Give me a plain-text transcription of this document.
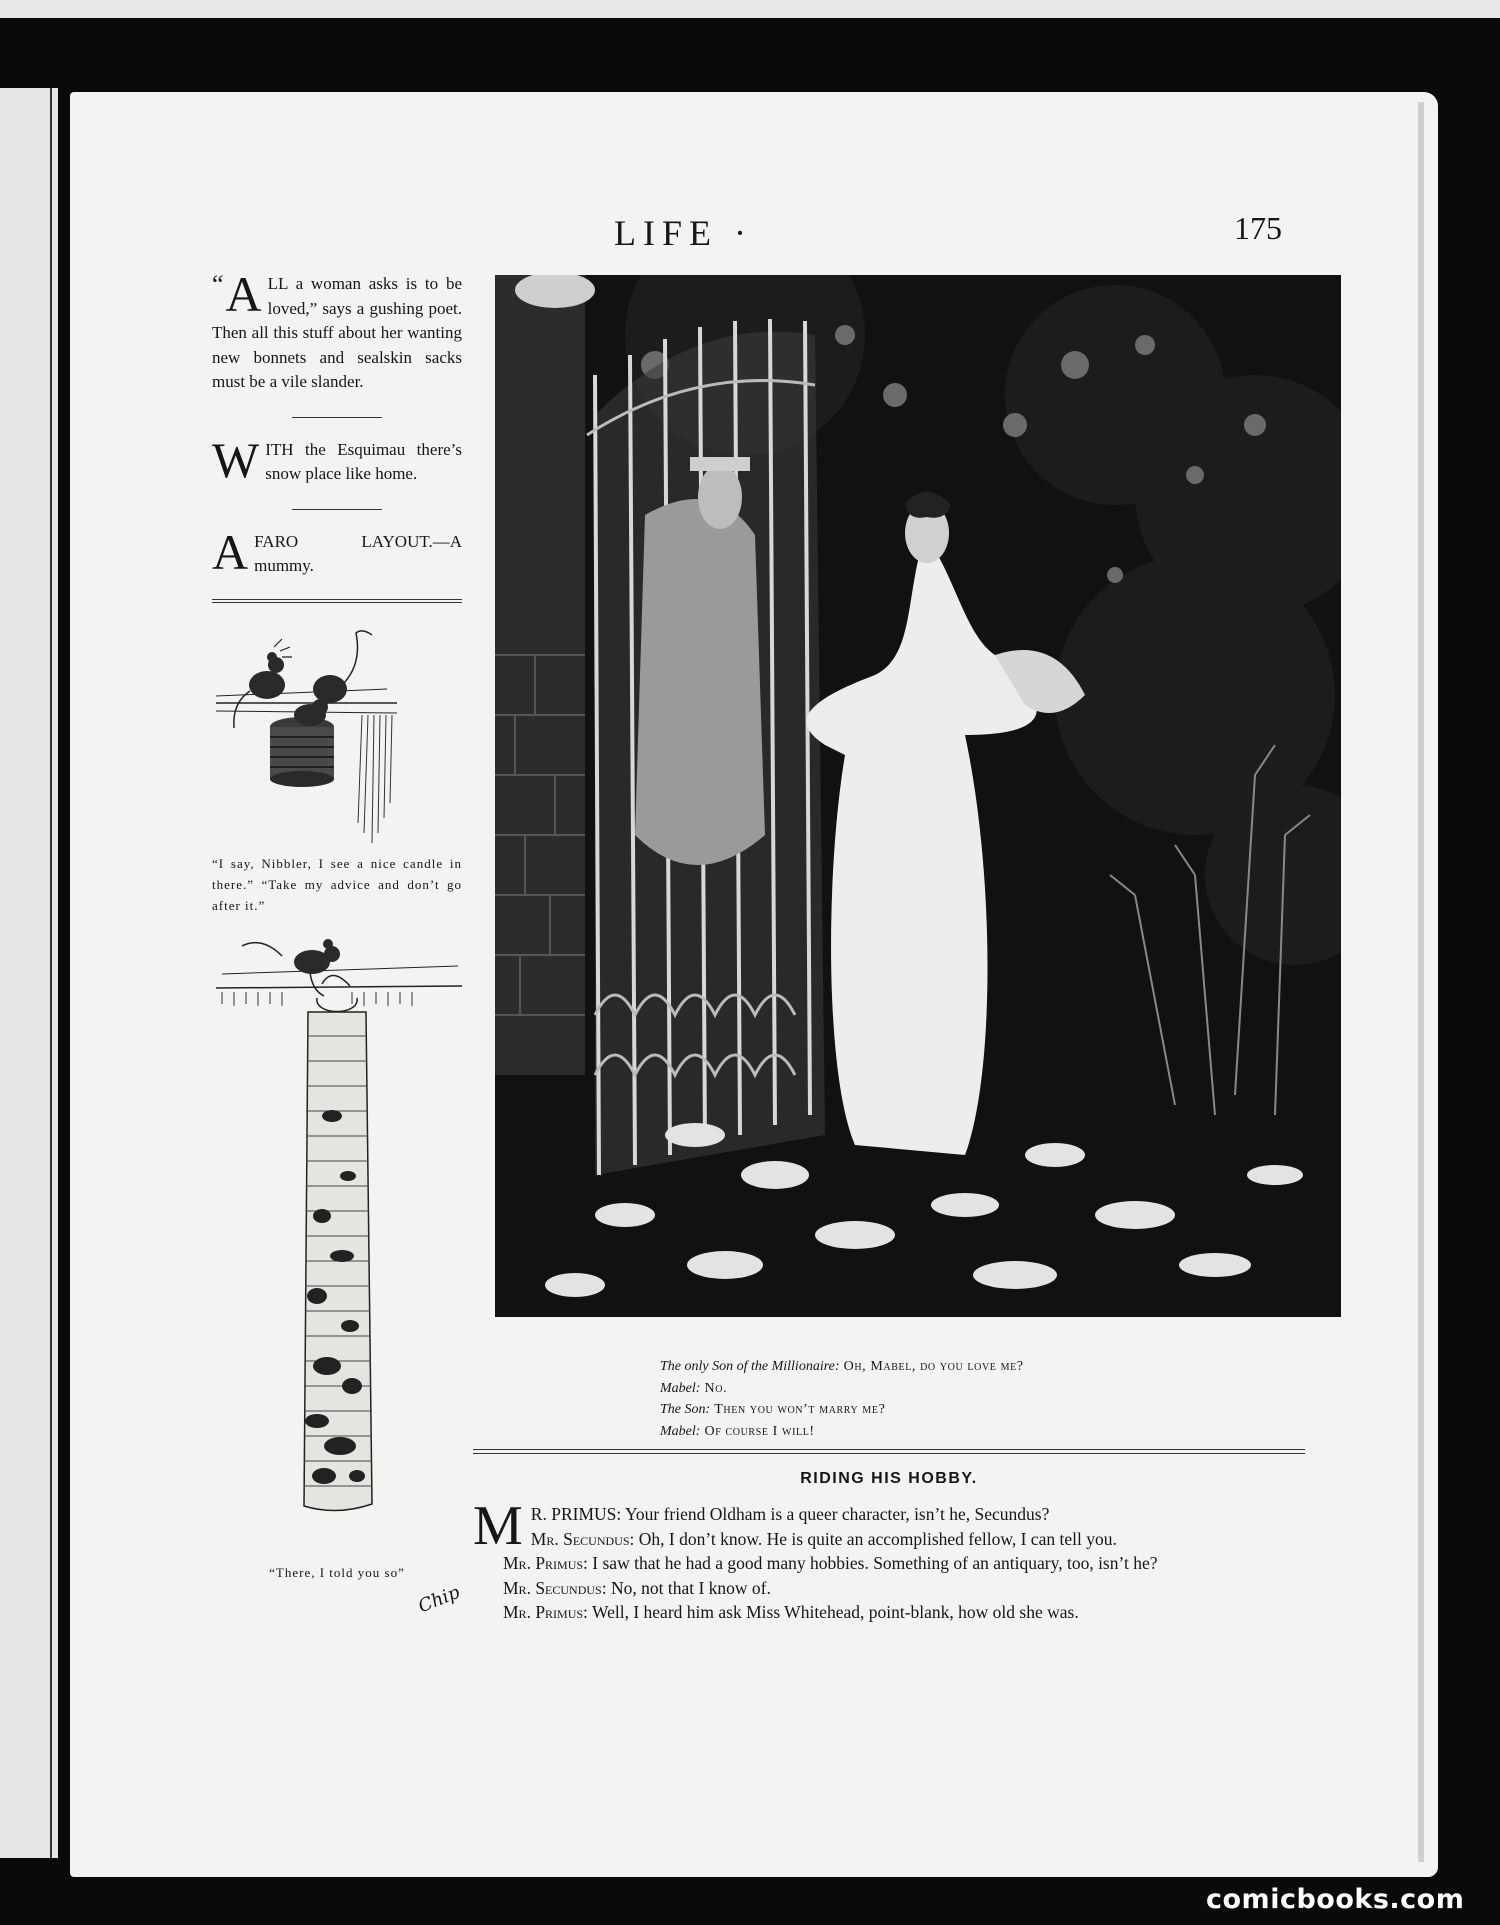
LIFE ·	175

“ A LL a woman asks is to be loved,” says a gushing poet. Then all this stuff about her wanting new bonnets and sealskin sacks must be a vile slander.

WITH the Esquimau there’s snow place like home.

AFARO LAYOUT.—A mummy.

“I say, Nibbler, I see a nice candle in there.” “Take my advice and don’t go after it.”

Chip

“There, I told you so”

The only Son of the Millionaire: Oh, Mabel, do you love me?
Mabel: No.
The Son: Then you won’t marry me?
Mabel: Of course I will!
RIDING HIS HOBBY.

M R. PRIMUS: Your friend Oldham is a queer character, isn’t he, Secundus?

Mr. Secundus: Oh, I don’t know. He is quite an accomplished fellow, I can tell you.

Mr. Primus: I saw that he had a good many hobbies. Something of an antiquary, too, isn’t he?

Mr. Secundus: No, not that I know of.

Mr. Primus: Well, I heard him ask Miss Whitehead, point-blank, how old she was.

comicbooks.com
